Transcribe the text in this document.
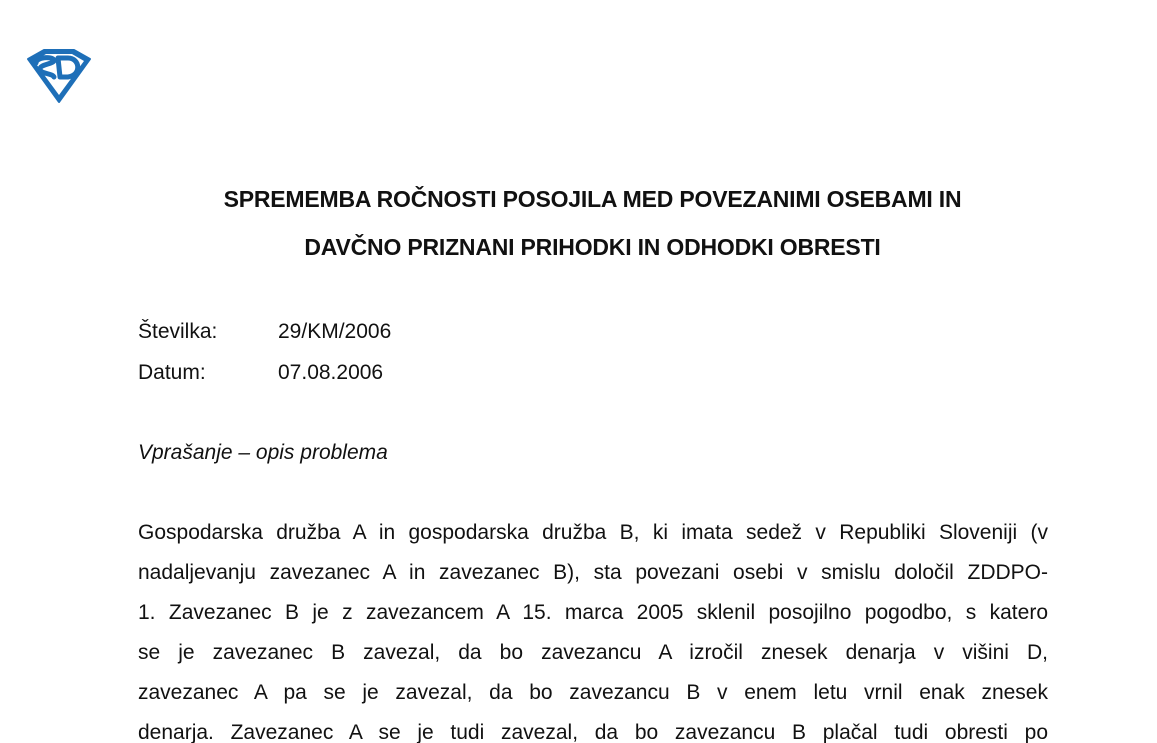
SPREMEMBA ROČNOSTI POSOJILA MED POVEZANIMI OSEBAMI IN
DAVČNO PRIZNANI PRIHODKI IN ODHODKI OBRESTI
Številka:	29/KM/2006
Datum:	07.08.2006
Vprašanje – opis problema
Gospodarska družba A in gospodarska družba B, ki imata sedež v Republiki Sloveniji (v
nadaljevanju zavezanec A in zavezanec B), sta povezani osebi v smislu določil ZDDPO-
1. Zavezanec B je z zavezancem A 15. marca 2005 sklenil posojilno pogodbo, s katero
se je zavezanec B zavezal, da bo zavezancu A izročil znesek denarja v višini D,
zavezanec A pa se je zavezal, da bo zavezancu B v enem letu vrnil enak znesek
denarja. Zavezanec A se je tudi zavezal, da bo zavezancu B plačal tudi obresti po
